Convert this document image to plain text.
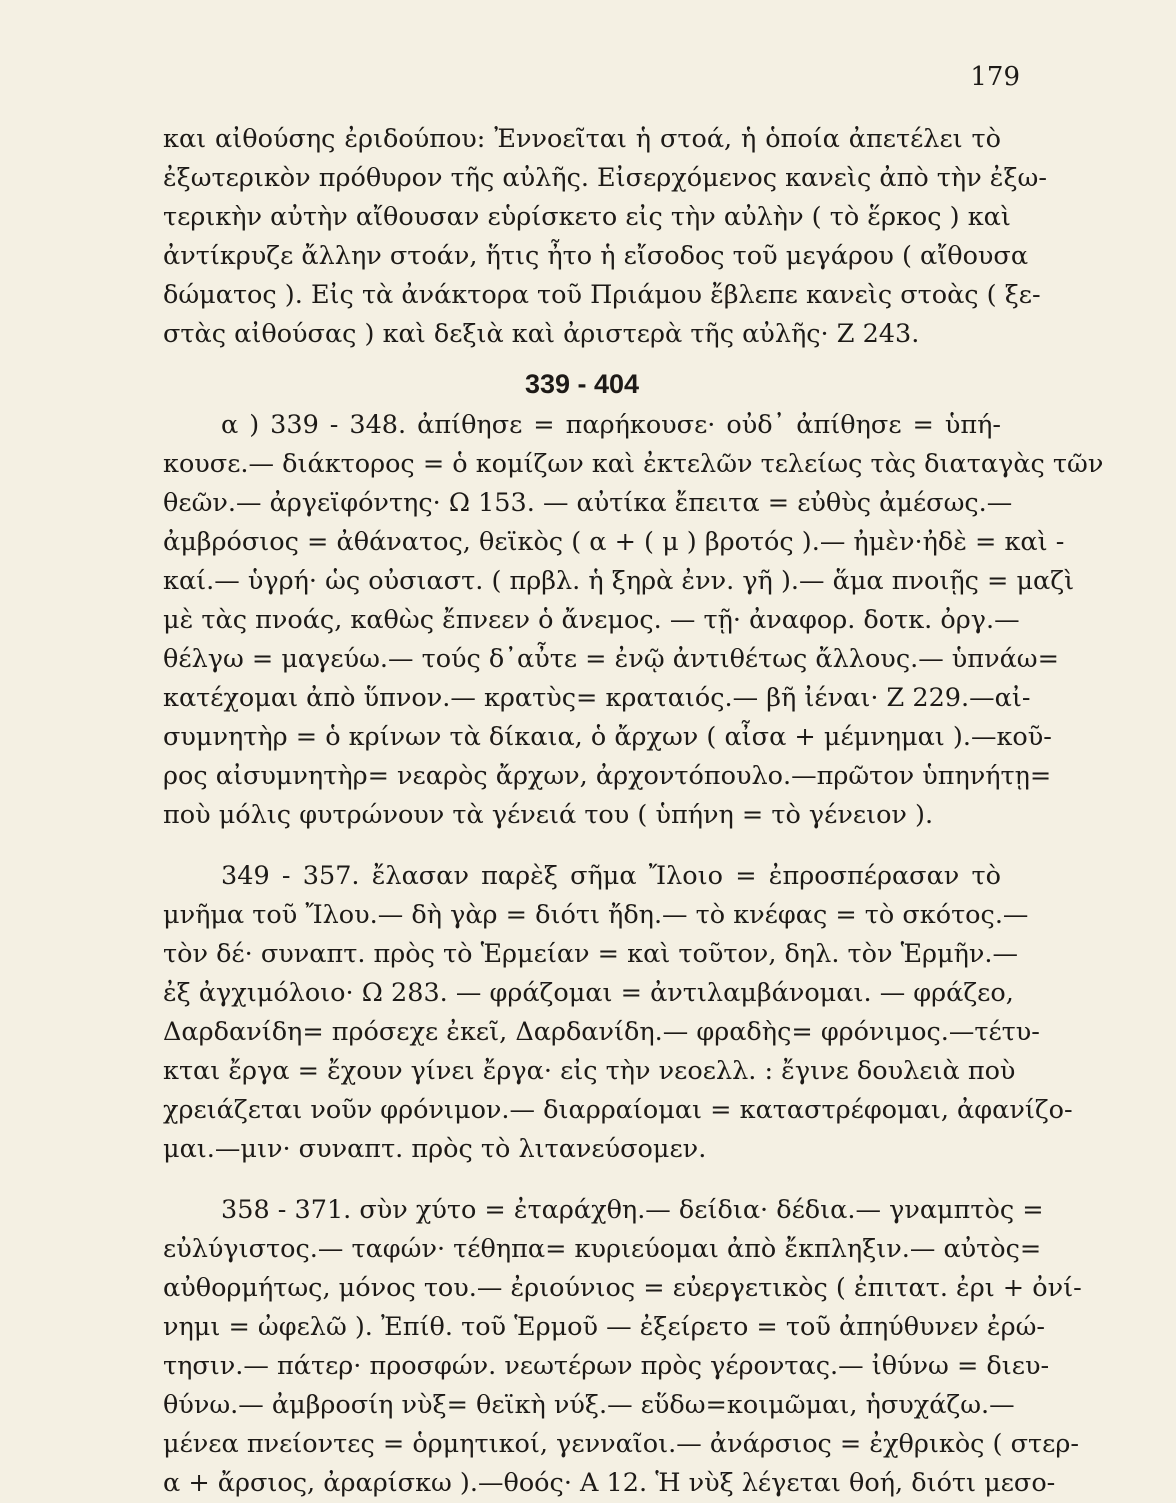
179
και αἰθούσης ἐριδούπου: Ἐννοεῖται ἡ στοά, ἡ ὁποία ἀπετέλει τὸ
ἐξωτερικὸν πρόθυρον τῆς αὐλῆς. Εἰσερχόμενος κανεὶς ἀπὸ τὴν ἐξω-
τερικὴν αὐτὴν αἴθουσαν εὑρίσκετο εἰς τὴν αὐλὴν ( τὸ ἕρκος ) καὶ
ἀντίκρυζε ἄλλην στοάν, ἥτις ἦτο ἡ εἴσοδος τοῦ μεγάρου ( αἴθουσα
δώματος ). Εἰς τὰ ἀνάκτορα τοῦ Πριάμου ἔβλεπε κανεὶς στοὰς ( ξε-
στὰς αἰθούσας ) καὶ δεξιὰ καὶ ἀριστερὰ τῆς αὐλῆς· Ζ 243.
339 - 404
α ) 339 - 348. ἀπίθησε = παρήκουσε· οὐδ᾽ ἀπίθησε = ὑπή-
κουσε.— διάκτορος = ὁ κομίζων καὶ ἐκτελῶν τελείως τὰς διαταγὰς τῶν
θεῶν.— ἀργεϊφόντης· Ω 153. — αὐτίκα ἔπειτα = εὐθὺς ἀμέσως.—
ἀμβρόσιος = ἀθάνατος, θεϊκὸς ( α + ( μ ) βροτός ).— ἠμὲν·ἠδὲ = καὶ -
καί.— ὑγρή· ὡς οὐσιαστ. ( πρβλ. ἡ ξηρὰ ἐνν. γῆ ).— ἅμα πνοιῇς = μαζὶ
μὲ τὰς πνοάς, καθὼς ἔπνεεν ὁ ἄνεμος. — τῇ· ἀναφορ. δοτκ. ὀργ.—
θέλγω = μαγεύω.— τούς δ᾽αὖτε = ἐνῷ ἀντιθέτως ἄλλους.— ὑπνάω=
κατέχομαι ἀπὸ ὕπνον.— κρατὺς= κραταιός.— βῆ ἰέναι· Ζ 229.—αἰ-
συμνητὴρ = ὁ κρίνων τὰ δίκαια, ὁ ἄρχων ( αἶσα + μέμνημαι ).—κοῦ-
ρος αἰσυμνητὴρ= νεαρὸς ἄρχων, ἀρχοντόπουλο.—πρῶτον ὑπηνήτῃ=
ποὺ μόλις φυτρώνουν τὰ γένειά του ( ὑπήνη = τὸ γένειον ).
349 - 357. ἔλασαν παρὲξ σῆμα Ἴλοιο = ἐπροσπέρασαν τὸ
μνῆμα τοῦ Ἴλου.— δὴ γὰρ = διότι ἤδη.— τὸ κνέφας = τὸ σκότος.—
τὸν δέ· συναπτ. πρὸς τὸ Ἑρμείαν = καὶ τοῦτον, δηλ. τὸν Ἑρμῆν.—
ἐξ ἀγχιμόλοιο· Ω 283. — φράζομαι = ἀντιλαμβάνομαι. — φράζεο,
Δαρδανίδη= πρόσεχε ἐκεῖ, Δαρδανίδη.— φραδὴς= φρόνιμος.—τέτυ-
κται ἔργα = ἔχουν γίνει ἔργα· εἰς τὴν νεοελλ. : ἔγινε δουλειὰ ποὺ
χρειάζεται νοῦν φρόνιμον.— διαρραίομαι = καταστρέφομαι, ἀφανίζο-
μαι.—μιν· συναπτ. πρὸς τὸ λιτανεύσομεν.
358 - 371. σὺν χύτο = ἐταράχθη.— δείδια· δέδια.— γναμπτὸς =
εὐλύγιστος.— ταφών· τέθηπα= κυριεύομαι ἀπὸ ἔκπληξιν.— αὐτὸς=
αὐθορμήτως, μόνος του.— ἐριούνιος = εὐεργετικὸς ( ἐπιτατ. ἐρι + ὀνί-
νημι = ὠφελῶ ). Ἐπίθ. τοῦ Ἑρμοῦ — ἐξείρετο = τοῦ ἀπηύθυνεν ἐρώ-
τησιν.— πάτερ· προσφών. νεωτέρων πρὸς γέροντας.— ἰθύνω = διευ-
θύνω.— ἀμβροσίη νὺξ= θεϊκὴ νύξ.— εὕδω=κοιμῶμαι, ἡσυχάζω.—
μένεα πνείοντες = ὁρμητικοί, γενναῖοι.— ἀνάρσιος = ἐχθρικὸς ( στερ-
α + ἄρσιος, ἀραρίσκω ).—θοός· Α 12. Ἡ νὺξ λέγεται θοή, διότι μεσο-
